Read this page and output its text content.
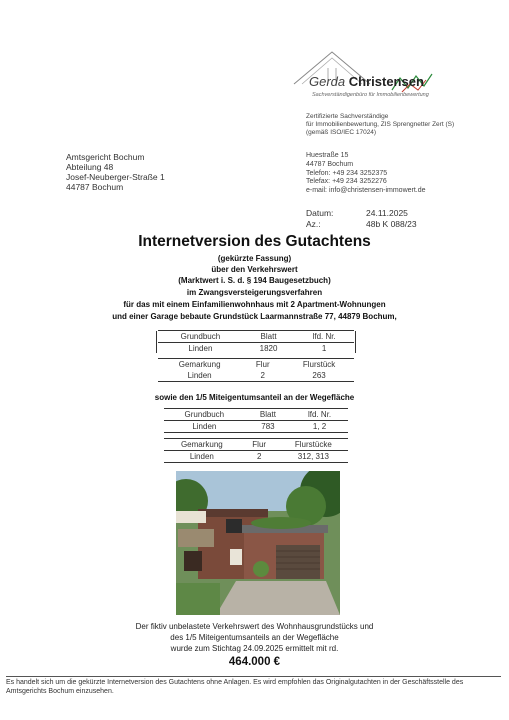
Gerda Christensen
Sachverständigenbüro für Immobilienbewertung
Zertifizierte Sachverständige
für Immobilienbewertung, ZIS Sprengnetter Zert (S)
(gemäß ISO/IEC 17024)
Amtsgericht Bochum
Abteilung 48
Josef-Neuberger-Straße 1
44787 Bochum
Huestraße 15
44787 Bochum
Telefon: +49 234 3252375
Telefax: +49 234 3252276
e-mail: info@christensen-immowert.de
Datum:	24.11.2025
Az.:	48b K 088/23
Internetversion des Gutachtens
(gekürzte Fassung)
über den Verkehrswert
(Marktwert i. S. d. § 194 Baugesetzbuch)
im Zwangsversteigerungsverfahren
für das mit einem Einfamilienwohnhaus mit 2 Apartment-Wohnungen
und einer Garage bebaute Grundstück Laarmannstraße 77, 44879 Bochum,
Grundbuch	Blatt	lfd. Nr.
Linden	1820	1
Gemarkung	Flur	Flurstück
Linden	2	263
sowie den 1/5 Miteigentumsanteil an der Wegefläche
Grundbuch	Blatt	lfd. Nr.
Linden	783	1, 2
Gemarkung	Flur	Flurstücke
Linden	2	312, 313
Der fiktiv unbelastete Verkehrswert des Wohnhausgrundstücks und
des 1/5 Miteigentumsanteils an der Wegefläche
wurde zum Stichtag 24.09.2025 ermittelt mit rd.
464.000 €
Es handelt sich um die gekürzte Internetversion des Gutachtens ohne Anlagen. Es wird empfohlen das Originalgutachten in der Geschäftsstelle des Amtsgerichts Bochum einzusehen.
